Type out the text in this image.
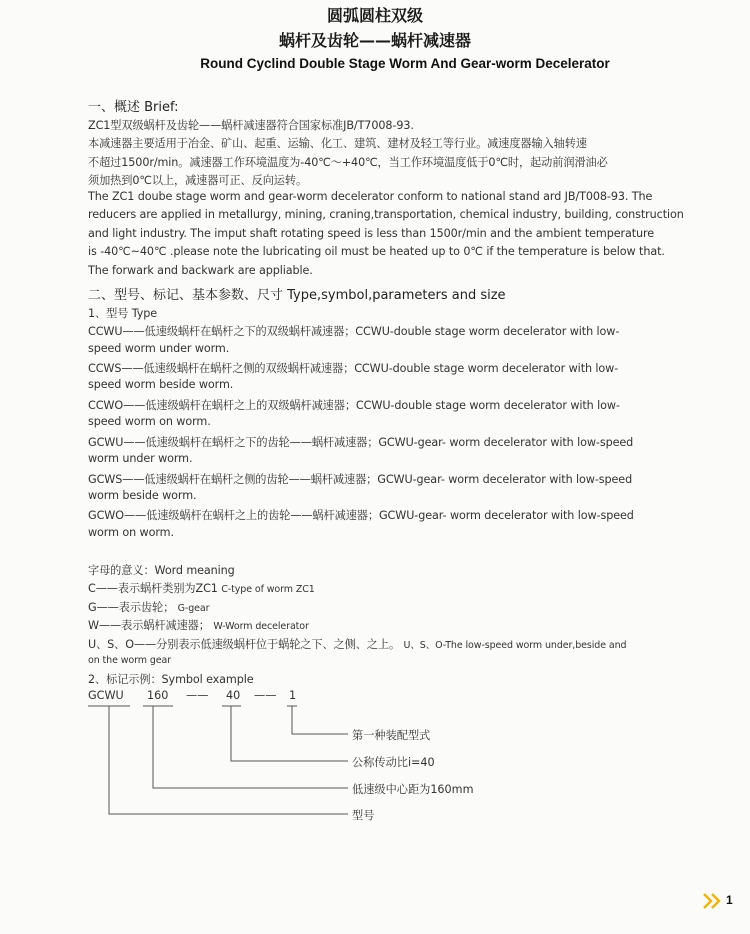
圆弧圆柱双级
蜗杆及齿轮——蜗杆减速器
Round Cyclind Double Stage Worm And Gear-worm Decelerator
一、概述 Brief:
ZC1型双级蜗杆及齿轮——蜗杆减速器符合国家标准JB/T7008-93.
本减速器主要适用于冶金、矿山、起重、运输、化工、建筑、建材及轻工等行业。减速度器输入轴转速
不超过1500r/min。减速器工作环境温度为-40℃～+40℃，当工作环境温度低于0℃时，起动前润滑油必
须加热到0℃以上，减速器可正、反向运转。
The ZC1 doube stage worm and gear-worm decelerator conform to national stand ard JB/T008-93. The
reducers are applied in metallurgy, mining, craning,transportation, chemical industry, building, construction
and light industry. The imput shaft rotating speed is less than 1500r/min and the ambient temperature
is -40℃~40℃ .please note the lubricating oil must be heated up to 0℃ if the temperature is below that.
The forwark and backwark are appliable.
二、型号、标记、基本参数、尺寸 Type,symbol,parameters and size
1、型号 Type
CCWU——低速级蜗杆在蜗杆之下的双级蜗杆减速器；CCWU-double stage worm decelerator with low-
speed worm under worm.
CCWS——低速级蜗杆在蜗杆之侧的双级蜗杆减速器；CCWU-double stage worm decelerator with low-
speed worm beside worm.
CCWO——低速级蜗杆在蜗杆之上的双级蜗杆减速器；CCWU-double stage worm decelerator with low-
speed worm on worm.
GCWU——低速级蜗杆在蜗杆之下的齿轮——蜗杆减速器；GCWU-gear- worm decelerator with low-speed
worm under worm.
GCWS——低速级蜗杆在蜗杆之侧的齿轮——蜗杆减速器；GCWU-gear- worm decelerator with low-speed
worm beside worm.
GCWO——低速级蜗杆在蜗杆之上的齿轮——蜗杆减速器；GCWU-gear- worm decelerator with low-speed
worm on worm.
字母的意义：Word meaning
C——表示蜗杆类别为ZC1 C-type of worm ZC1
G——表示齿轮； G-gear
W——表示蜗杆减速器； W-Worm decelerator
U、S、O——分别表示低速级蜗杆位于蜗轮之下、之侧、之上。 U、S、O-The low-speed worm under,beside and
on the worm gear
2、标记示例：Symbol example
GCWU 160 —— 40 —— 1
第一种装配型式
公称传动比i=40
低速级中心距为160mm
型号
1
